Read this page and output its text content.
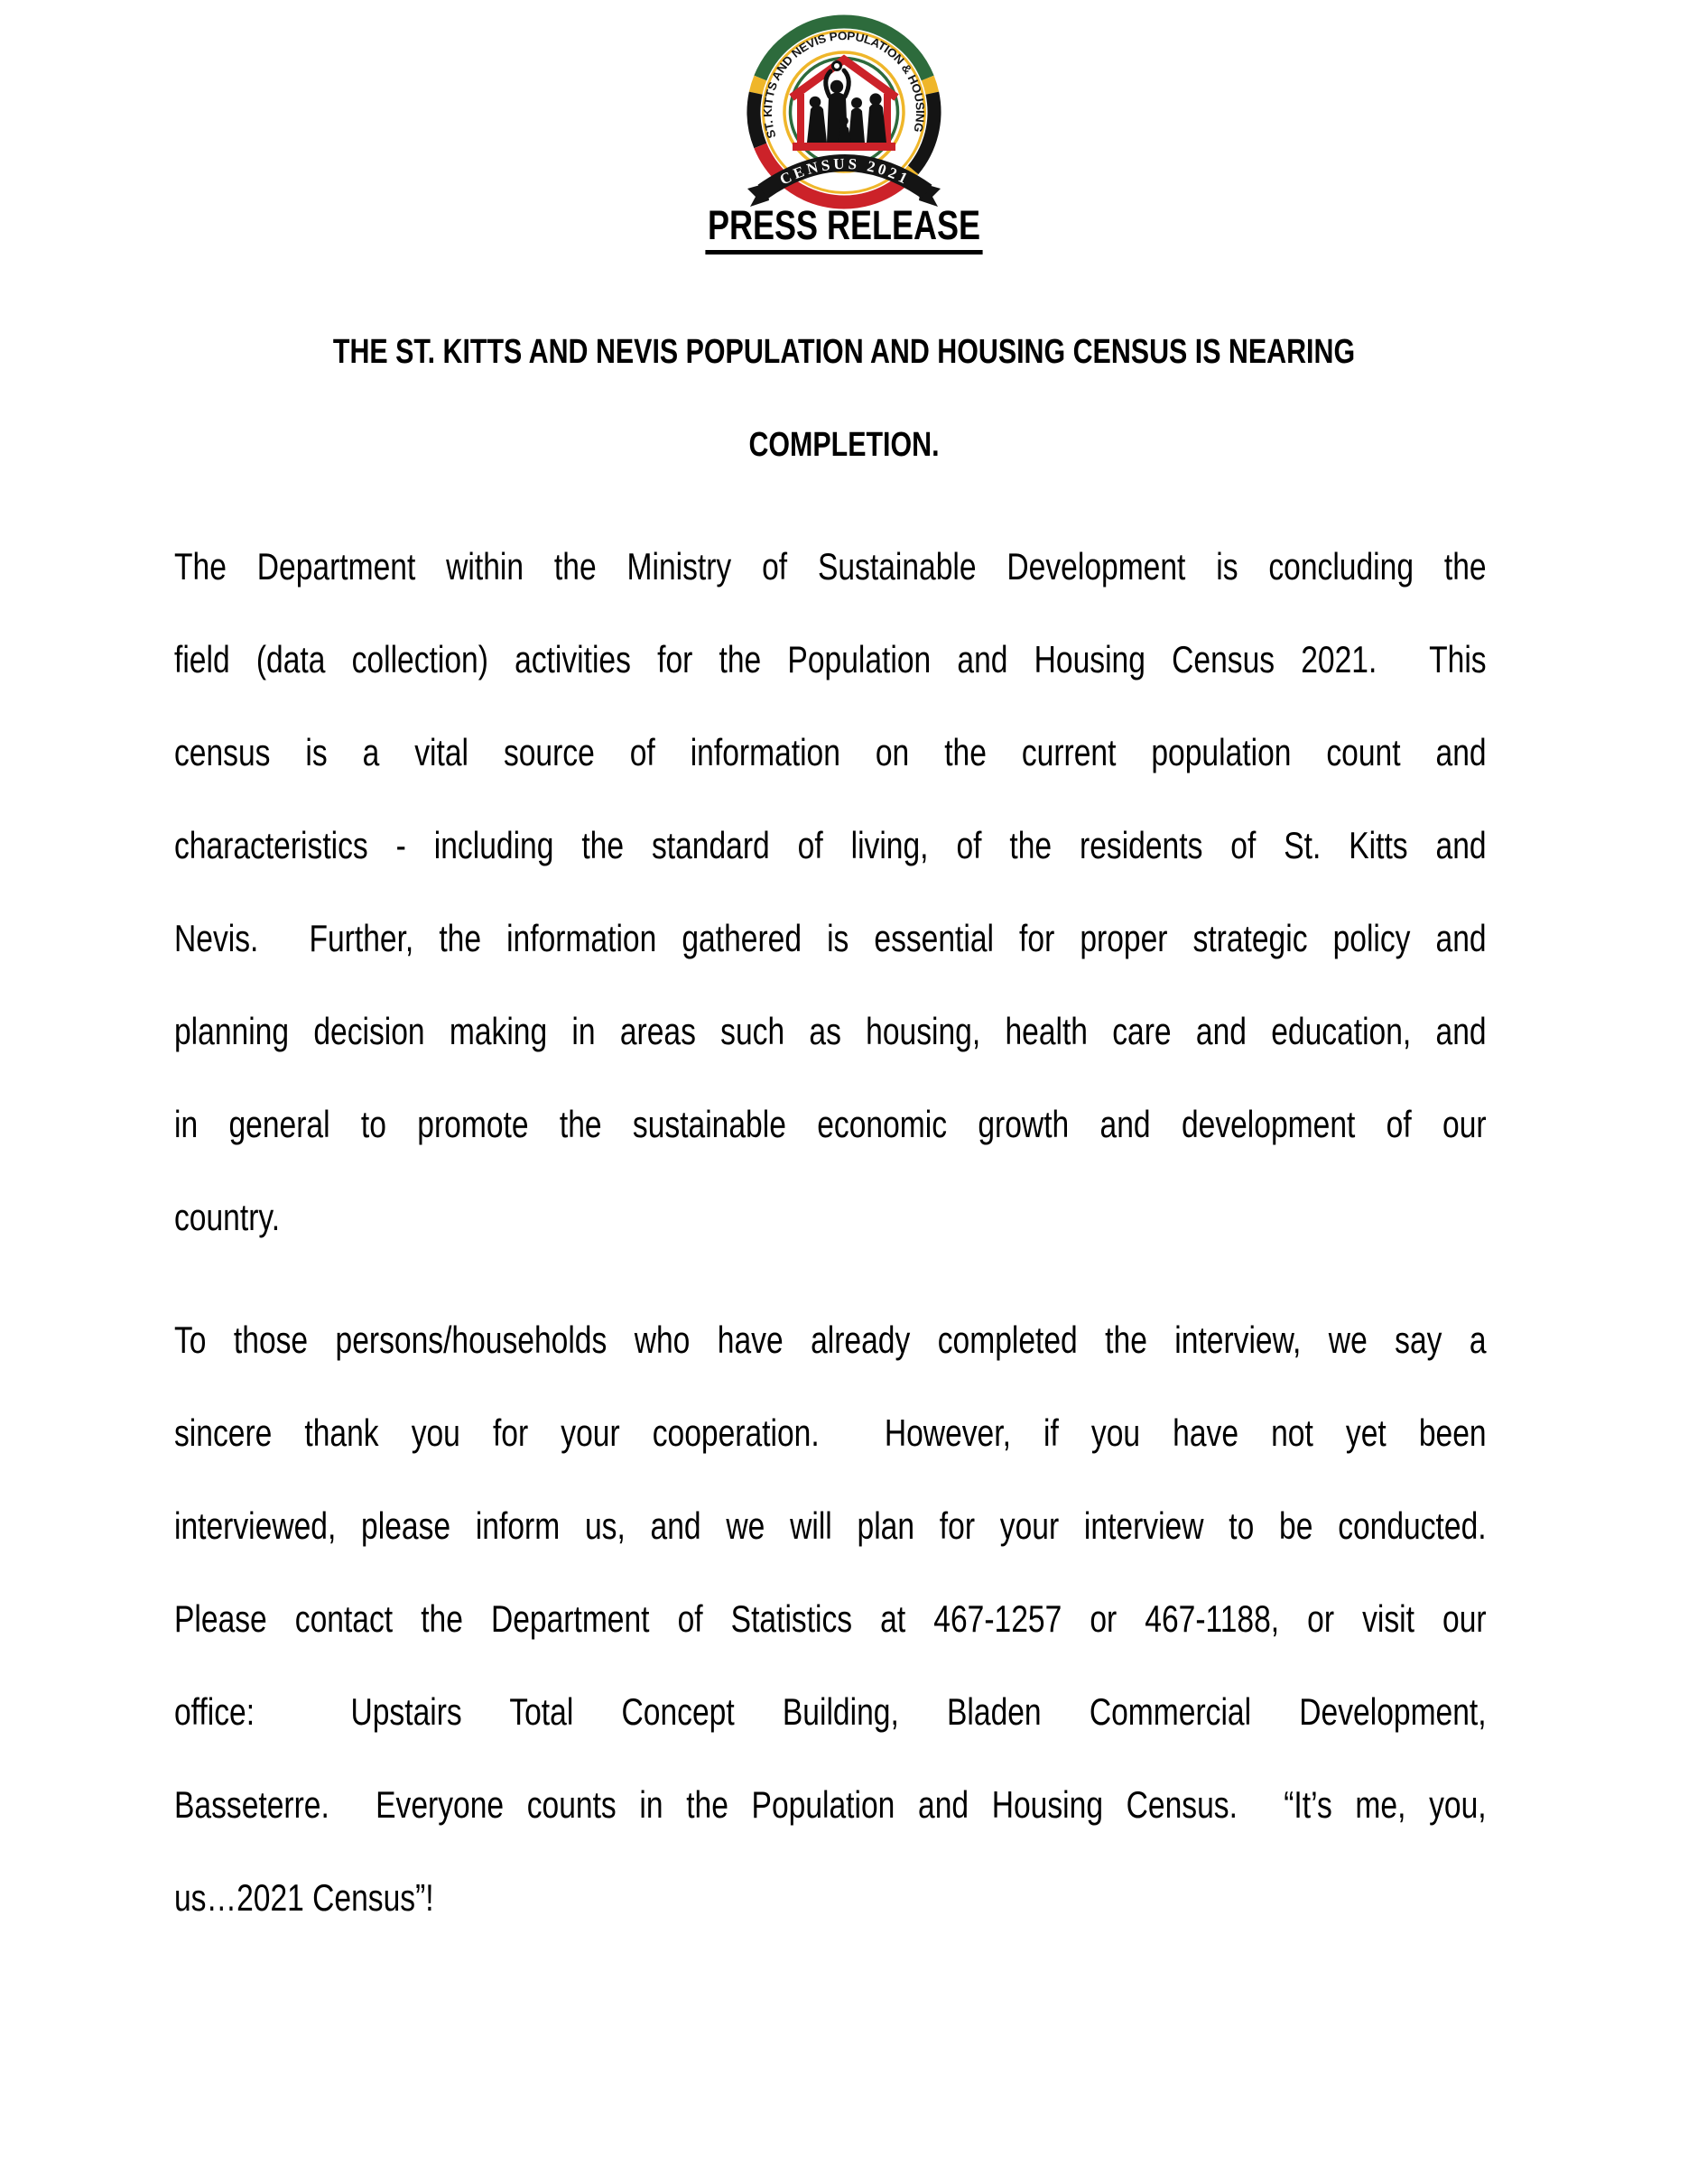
ST. KITTS AND NEVIS POPULATION & HOUSING
CENSUS 2021
PRESS RELEASE
THE ST. KITTS AND NEVIS POPULATION AND HOUSING CENSUS IS NEARING
COMPLETION.
The Department within the Ministry of Sustainable Development is concluding the
field (data collection) activities for the Population and Housing Census 2021.  This
census is a vital source of information on the current population count and
characteristics - including the standard of living, of the residents of St. Kitts and
Nevis.  Further, the information gathered is essential for proper strategic policy and
planning decision making in areas such as housing, health care and education, and
in general to promote the sustainable economic growth and development of our
country.
To those persons/households who have already completed the interview, we say a
sincere thank you for your cooperation.  However, if you have not yet been
interviewed, please inform us, and we will plan for your interview to be conducted.
Please contact the Department of Statistics at 467-1257 or 467-1188, or visit our
office:  Upstairs Total Concept Building, Bladen Commercial Development,
Basseterre.  Everyone counts in the Population and Housing Census.  “It’s me, you,
us…2021 Census”!
